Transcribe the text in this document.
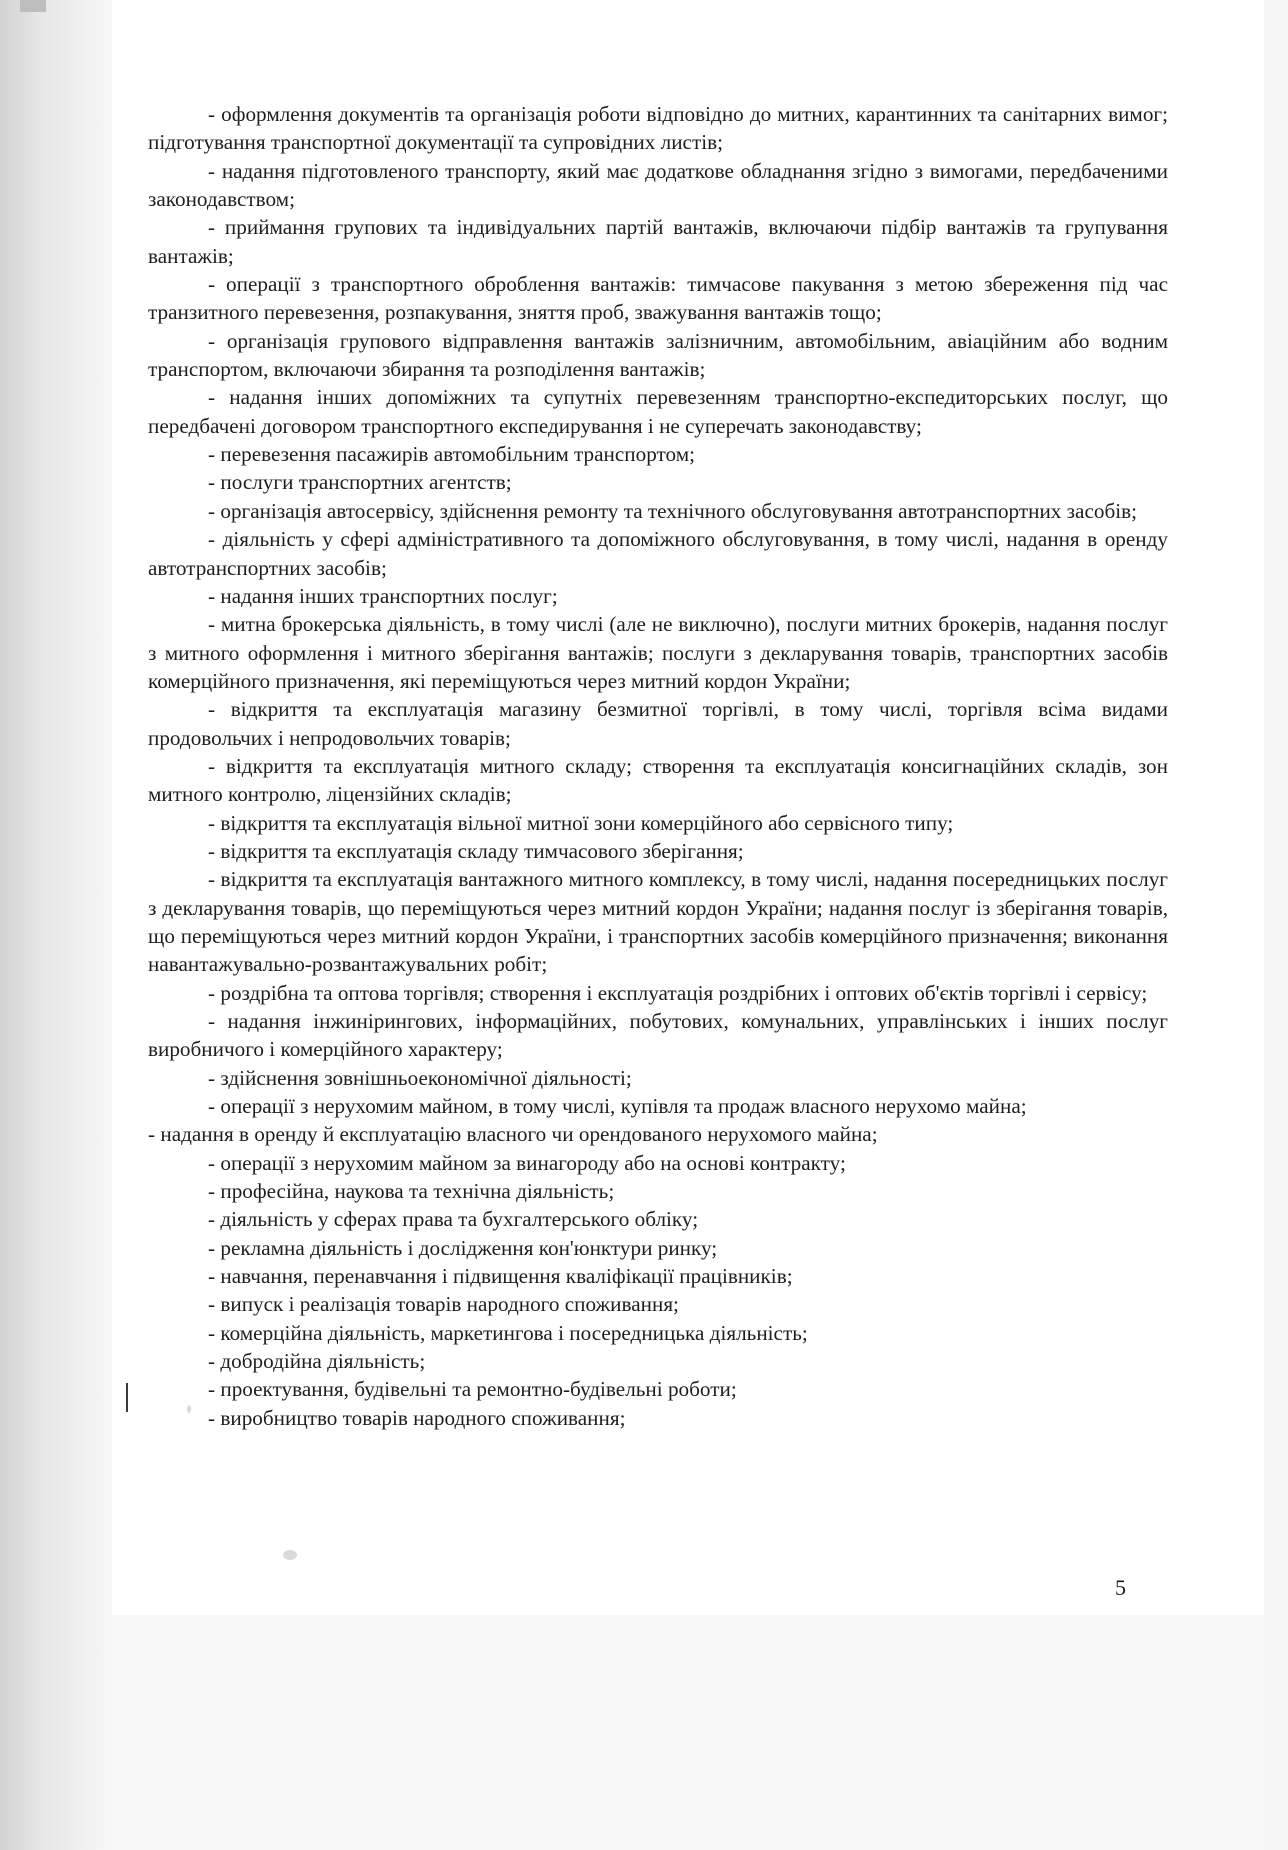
- оформлення документів та організація роботи відповідно до митних, карантинних та санітарних вимог; підготування транспортної документації та супровідних листів;

- надання підготовленого транспорту, який має додаткове обладнання згідно з вимогами, передбаченими законодавством;

- приймання групових та індивідуальних партій вантажів, включаючи підбір вантажів та групування вантажів;

- операції з транспортного оброблення вантажів: тимчасове пакування з метою збереження під час транзитного перевезення, розпакування, зняття проб, зважування вантажів тощо;

- організація групового відправлення вантажів залізничним, автомобільним, авіаційним або водним транспортом, включаючи збирання та розподілення вантажів;

- надання інших допоміжних та супутніх перевезенням транспортно-експедиторських послуг, що передбачені договором транспортного експедирування і не суперечать законодавству;

- перевезення пасажирів автомобільним транспортом;

- послуги транспортних агентств;

- організація автосервісу, здійснення ремонту та технічного обслуговування автотранспортних засобів;

- діяльність у сфері адміністративного та допоміжного обслуговування, в тому числі, надання в оренду автотранспортних засобів;

- надання інших транспортних послуг;

- митна брокерська діяльність, в тому числі (але не виключно), послуги митних брокерів, надання послуг з митного оформлення і митного зберігання вантажів; послуги з декларування товарів, транспортних засобів комерційного призначення, які переміщуються через митний кордон України;

- відкриття та експлуатація магазину безмитної торгівлі, в тому числі, торгівля всіма видами продовольчих і непродовольчих товарів;

- відкриття та експлуатація митного складу; створення та експлуатація консигнаційних складів, зон митного контролю, ліцензійних складів;

- відкриття та експлуатація вільної митної зони комерційного або сервісного типу;

- відкриття та експлуатація складу тимчасового зберігання;

- відкриття та експлуатація вантажного митного комплексу, в тому числі, надання посередницьких послуг з декларування товарів, що переміщуються через митний кордон України; надання послуг із зберігання товарів, що переміщуються через митний кордон України, і транспортних засобів комерційного призначення; виконання навантажувально-розвантажувальних робіт;

- роздрібна та оптова торгівля; створення і експлуатація роздрібних і оптових об'єктів торгівлі і сервісу;

- надання інжинірингових, інформаційних, побутових, комунальних, управлінських і інших послуг виробничого і комерційного характеру;

- здійснення зовнішньоекономічної діяльності;

- операції з нерухомим майном, в тому числі, купівля та продаж власного нерухомо майна;

- надання в оренду й експлуатацію власного чи орендованого нерухомого майна;

- операції з нерухомим майном за винагороду або на основі контракту;

- професійна, наукова та технічна діяльність;

- діяльність у сферах права та бухгалтерського обліку;

- рекламна діяльність і дослідження кон'юнктури ринку;

- навчання, перенавчання і підвищення кваліфікації працівників;

- випуск і реалізація товарів народного споживання;

- комерційна діяльність, маркетингова і посередницька діяльність;

- добродійна діяльність;

- проектування, будівельні та ремонтно-будівельні роботи;

- виробництво товарів народного споживання;

5
